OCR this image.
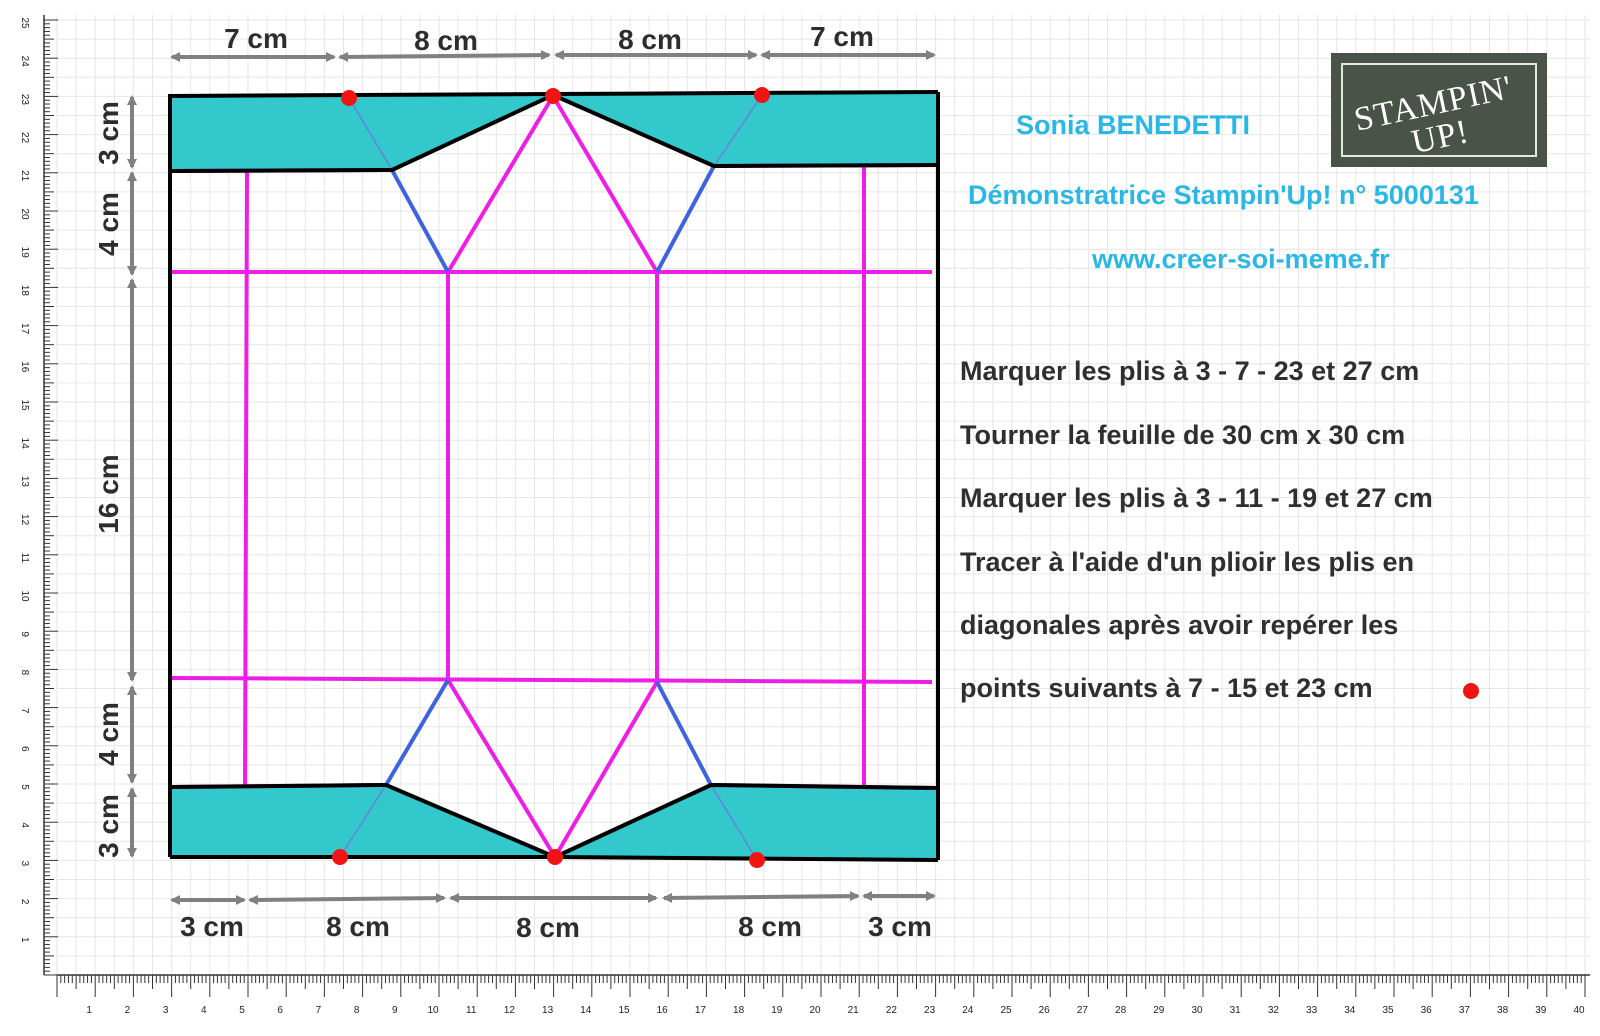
1	2	3	4	5	6	7	8	9	10	11	12	13	14	15	16	17	18	19	20	21	22	23	24	25	26	27	28	29	30	31	32	33	34	35	36	37	38	39	40
1
2
3
4
5
6
7
8
9
10
11
12
13
14
15
16
17
18
19
20
21
22
23
24
25	7 cm	8 cm	8 cm	7 cm
3 cm	8 cm	8 cm	8 cm 3 cm
3 cm
4 cm
16 cm
4 cm
3 cm
Sonia BENEDETTI
Démonstratrice Stampin'Up! n° 5000131
www.creer-soi-meme.fr
STAMPIN' UP!
Marquer les plis à 3 - 7 - 23 et 27 cm
Tourner la feuille de 30 cm x 30 cm
Marquer les plis à 3 - 11 - 19 et 27 cm
Tracer à l'aide d'un plioir les plis en
diagonales après avoir repérer les
points suivants à 7 - 15 et 23 cm
